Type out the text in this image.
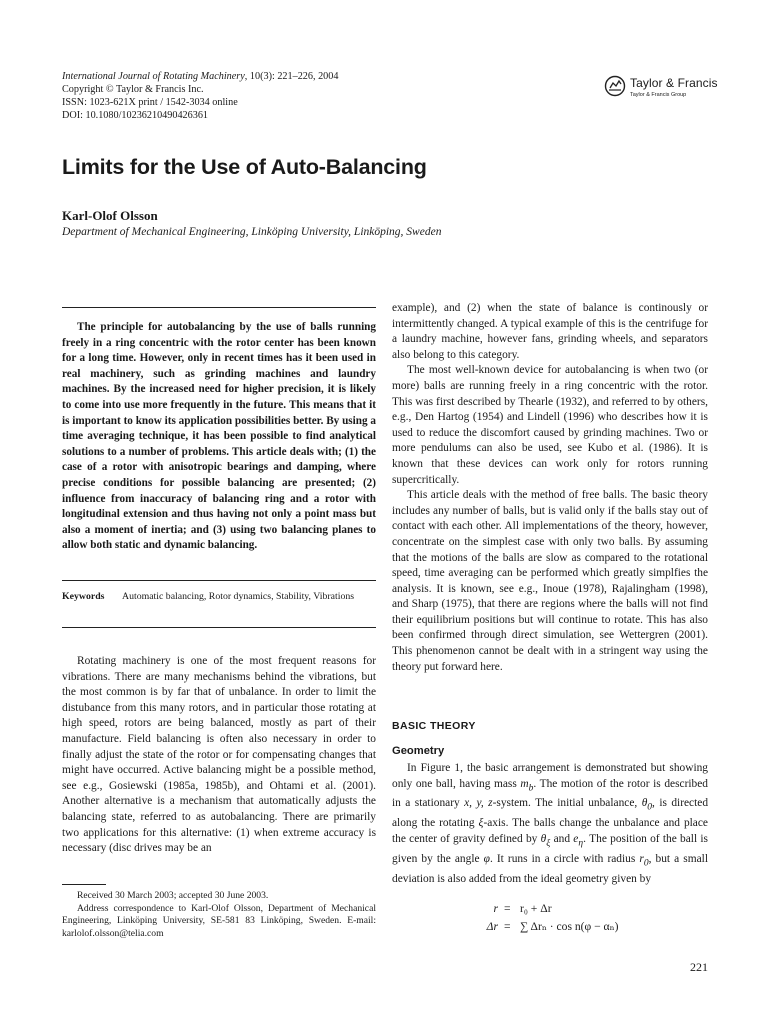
International Journal of Rotating Machinery, 10(3): 221–226, 2004
Copyright © Taylor & Francis Inc.
ISSN: 1023-621X print / 1542-3034 online
DOI: 10.1080/10236210490426361
Taylor & Francis
Taylor & Francis Group
Limits for the Use of Auto-Balancing
Karl-Olof Olsson
Department of Mechanical Engineering, Linköping University, Linköping, Sweden
The principle for autobalancing by the use of balls running freely in a ring concentric with the rotor center has been known for a long time. However, only in recent times has it been used in real machinery, such as grinding machines and laundry machines. By the increased need for higher precision, it is likely to come into use more frequently in the future. This means that it is important to know its application possibilities better. By using a time averaging technique, it has been possible to find analytical solutions to a number of problems. This article deals with; (1) the case of a rotor with anisotropic bearings and damping, where precise conditions for possible balancing are presented; (2) influence from inaccuracy of balancing ring and a rotor with longitudinal extension and thus having not only a point mass but also a moment of inertia; and (3) using two balancing planes to allow both static and dynamic balancing.
Keywords Automatic balancing, Rotor dynamics, Stability, Vibrations

Rotating machinery is one of the most frequent reasons for vibrations. There are many mechanisms behind the vibrations, but the most common is by far that of unbalance. In order to limit the distubance from this many rotors, and in particular those rotating at high speed, rotors are being balanced, mostly as part of their manufacture. Field balancing is often also necessary in order to finally adjust the state of the rotor or for compensating changes that might have occurred. Active balancing might be a possible method, see e.g., Gosiewski (1985a, 1985b), and Ohtami et al. (2001). Another alternative is a mechanism that automatically adjusts the balancing state, referred to as autobalancing. There are primarily two applications for this alternative: (1) when extreme accuracy is necessary (disc drives may be an

Received 30 March 2003; accepted 30 June 2003.

Address correspondence to Karl-Olof Olsson, Department of Mechanical Engineering, Linköping University, SE-581 83 Linköping, Sweden. E-mail: karlolof.olsson@telia.com

example), and (2) when the state of balance is continously or intermittently changed. A typical example of this is the centrifuge for a laundry machine, however fans, grinding wheels, and separators also belong to this category.

The most well-known device for autobalancing is when two (or more) balls are running freely in a ring concentric with the rotor. This was first described by Thearle (1932), and referred to by others, e.g., Den Hartog (1954) and Lindell (1996) who describes how it is used to reduce the discomfort caused by grinding machines. Two or more pendulums can also be used, see Kubo et al. (1986). It is known that these devices can work only for rotors running supercritically.

This article deals with the method of free balls. The basic theory includes any number of balls, but is valid only if the balls stay out of contact with each other. All implementations of the theory, however, concentrate on the simplest case with only two balls. By assuming that the motions of the balls are slow as compared to the rotational speed, time averaging can be performed which greatly simplfies the analysis. It is known, see e.g., Inoue (1978), Rajalingham (1998), and Sharp (1975), that there are regions where the balls will not find their equilibrium positions but will continue to rotate. This has also been confirmed through direct simulation, see Wettergren (2001). This phenomenon cannot be dealt with in a stringent way using the theory put forward here.

BASIC THEORY
Geometry

In Figure 1, the basic arrangement is demonstrated but showing only one ball, having mass $m_b$. The motion of the rotor is described in a stationary x, y, z-system. The initial unbalance, $\theta_0$, is directed along the rotating ξ-axis. The balls change the unbalance and place the center of gravity defined by $\theta_\xi$ and $e_\eta$. The position of the ball is given by the angle φ. It runs in a circle with radius $r_0$, but a small deviation is also added from the ideal geometry given by

r = r₀ + Δr
Δr = ∑ Δrₙ · cos n(φ − αₙ)
221
